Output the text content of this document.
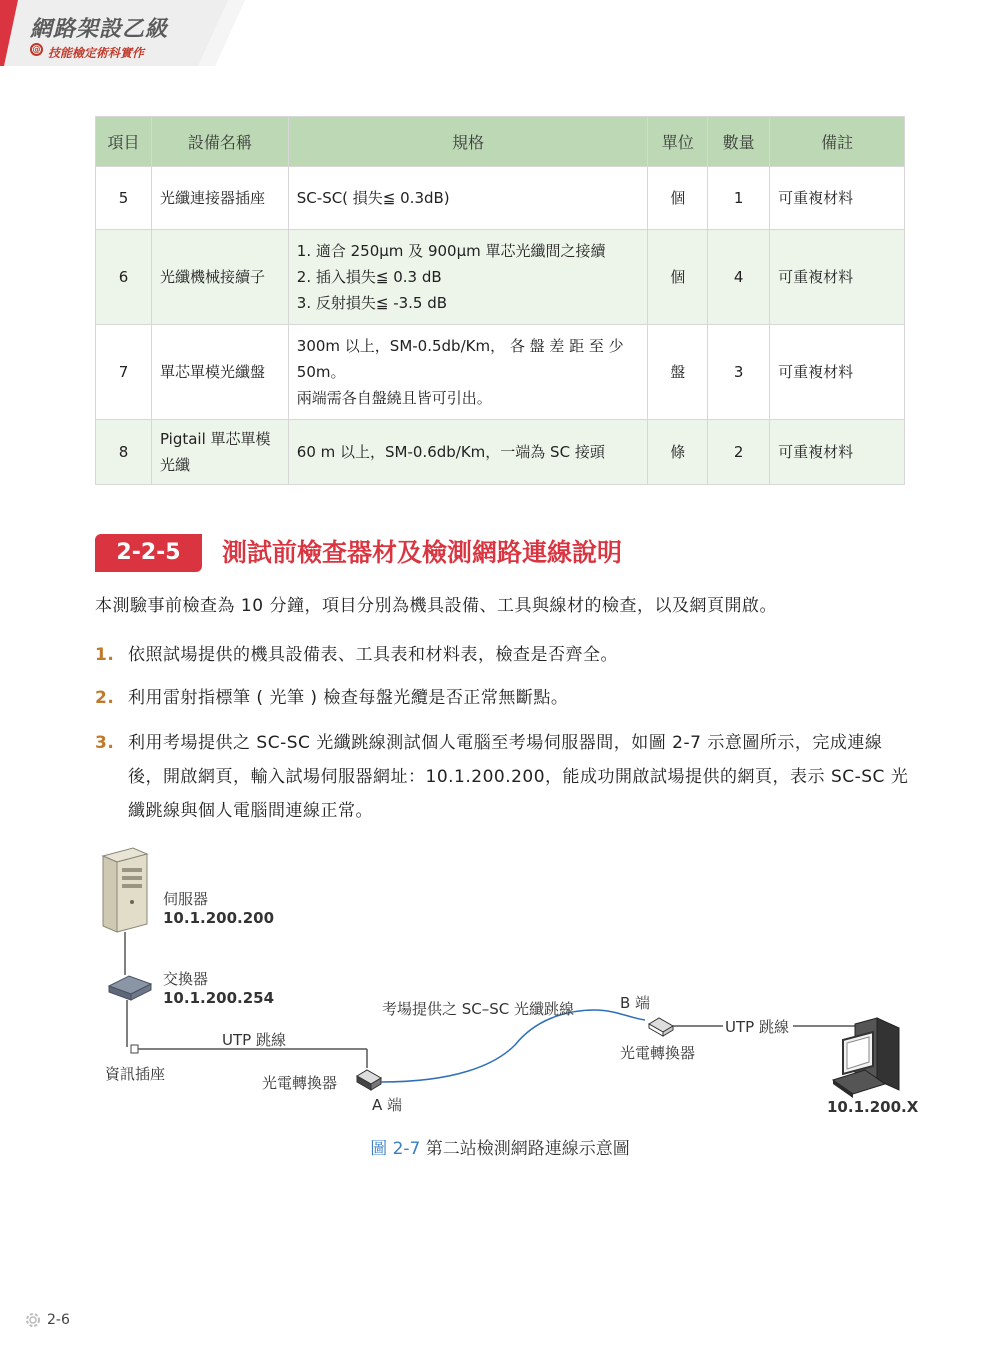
網路架設乙級
@ 技能檢定術科實作
項目	設備名稱	規格	單位	數量	備註
5	光纖連接器插座	SC-SC( 損失≦ 0.3dB)	個	1	可重複材料
6	光纖機械接續子	1. 適合 250μm 及 900μm 單芯光纖間之接續
2. 插入損失≦ 0.3 dB
3. 反射損失≦ -3.5 dB	個	4	可重複材料
7	單芯單模光纖盤	300m 以上，SM-0.5db/Km， 各 盤 差 距 至 少 50m。
兩端需各自盤繞且皆可引出。	盤	3	可重複材料
8	Pigtail 單芯單模光纖	60 m 以上，SM-0.6db/Km，一端為 SC 接頭	條	2	可重複材料
2-2-5	測試前檢查器材及檢測網路連線說明
本測驗事前檢查為 10 分鐘，項目分別為機具設備、工具與線材的檢查，以及網頁開啟。
1. 依照試場提供的機具設備表、工具表和材料表，檢查是否齊全。
2. 利用雷射指標筆 ( 光筆 ) 檢查每盤光纜是否正常無斷點。
3. 利用考場提供之 SC-SC 光纖跳線測試個人電腦至考場伺服器間，如圖 2-7 示意圖所示，完成連線後，開啟網頁，輸入試場伺服器網址：10.1.200.200，能成功開啟試場提供的網頁，表示 SC-SC 光纖跳線與個人電腦間連線正常。
伺服器
10.1.200.200
交換器
10.1.200.254
資訊插座
UTP 跳線
光電轉換器
A 端
考場提供之 SC–SC 光纖跳線	B 端
光電轉換器
UTP 跳線
10.1.200.X
圖 2-7 第二站檢測網路連線示意圖
2-6
